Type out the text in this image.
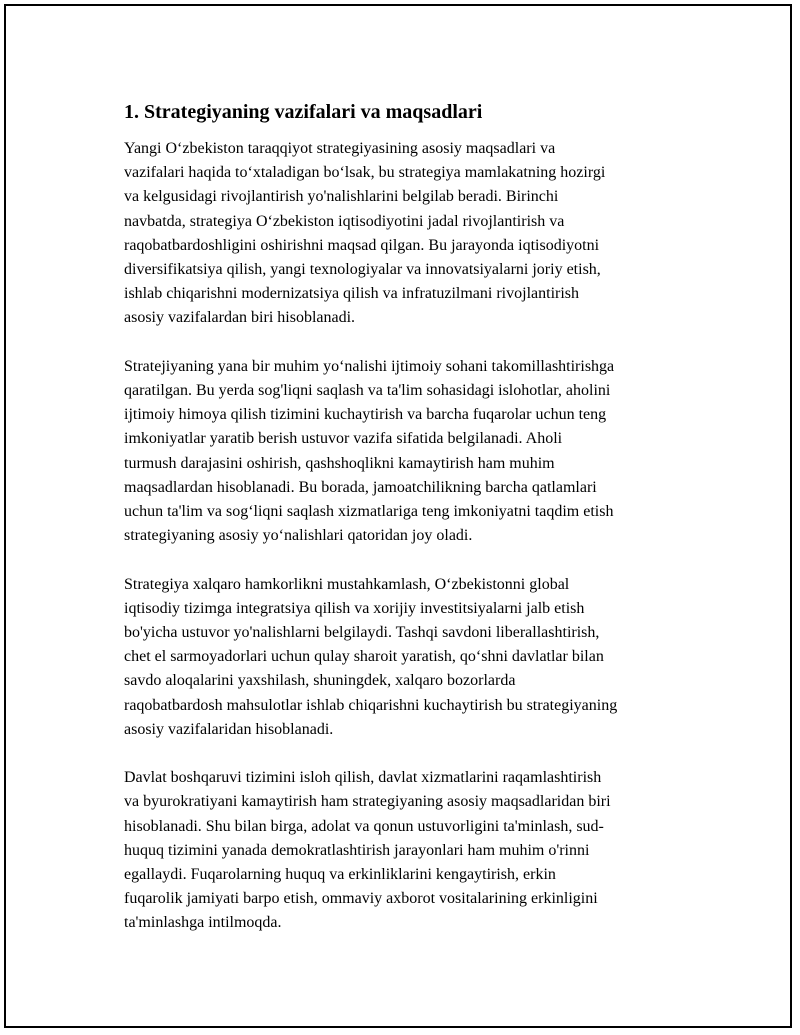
1. Strategiyaning vazifalari va maqsadlari
Yangi O‘zbekiston taraqqiyot strategiyasining asosiy maqsadlari va
vazifalari haqida to‘xtaladigan bo‘lsak, bu strategiya mamlakatning hozirgi
va kelgusidagi rivojlantirish yo'nalishlarini belgilab beradi. Birinchi
navbatda, strategiya O‘zbekiston iqtisodiyotini jadal rivojlantirish va
raqobatbardoshligini oshirishni maqsad qilgan. Bu jarayonda iqtisodiyotni
diversifikatsiya qilish, yangi texnologiyalar va innovatsiyalarni joriy etish,
ishlab chiqarishni modernizatsiya qilish va infratuzilmani rivojlantirish
asosiy vazifalardan biri hisoblanadi.
Stratejiyaning yana bir muhim yo‘nalishi ijtimoiy sohani takomillashtirishga
qaratilgan. Bu yerda sog'liqni saqlash va ta'lim sohasidagi islohotlar, aholini
ijtimoiy himoya qilish tizimini kuchaytirish va barcha fuqarolar uchun teng
imkoniyatlar yaratib berish ustuvor vazifa sifatida belgilanadi. Aholi
turmush darajasini oshirish, qashshoqlikni kamaytirish ham muhim
maqsadlardan hisoblanadi. Bu borada, jamoatchilikning barcha qatlamlari
uchun ta'lim va sog‘liqni saqlash xizmatlariga teng imkoniyatni taqdim etish
strategiyaning asosiy yo‘nalishlari qatoridan joy oladi.
Strategiya xalqaro hamkorlikni mustahkamlash, O‘zbekistonni global
iqtisodiy tizimga integratsiya qilish va xorijiy investitsiyalarni jalb etish
bo'yicha ustuvor yo'nalishlarni belgilaydi. Tashqi savdoni liberallashtirish,
chet el sarmoyadorlari uchun qulay sharoit yaratish, qo‘shni davlatlar bilan
savdo aloqalarini yaxshilash, shuningdek, xalqaro bozorlarda
raqobatbardosh mahsulotlar ishlab chiqarishni kuchaytirish bu strategiyaning
asosiy vazifalaridan hisoblanadi.
Davlat boshqaruvi tizimini isloh qilish, davlat xizmatlarini raqamlashtirish
va byurokratiyani kamaytirish ham strategiyaning asosiy maqsadlaridan biri
hisoblanadi. Shu bilan birga, adolat va qonun ustuvorligini ta'minlash, sud-
huquq tizimini yanada demokratlashtirish jarayonlari ham muhim o'rinni
egallaydi. Fuqarolarning huquq va erkinliklarini kengaytirish, erkin
fuqarolik jamiyati barpo etish, ommaviy axborot vositalarining erkinligini
ta'minlashga intilmoqda.
